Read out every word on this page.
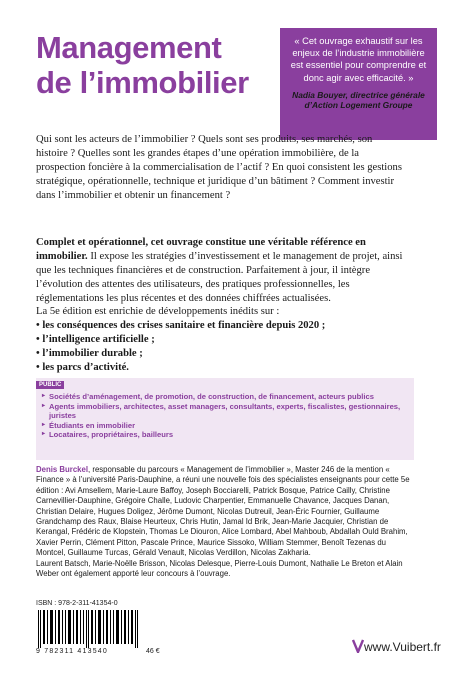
Management
de l’immobilier
« Cet ouvrage exhaustif sur les enjeux de l’industrie immobilière est essentiel pour comprendre et donc agir avec efficacité. »
Nadia Bouyer, directrice générale d’Action Logement Groupe
Qui sont les acteurs de l’immobilier ? Quels sont ses produits, ses marchés, son histoire ? Quelles sont les grandes étapes d’une opération immobilière, de la prospection foncière à la commercialisation de l’actif ? En quoi consistent les gestions stratégique, opérationnelle, technique et juridique d’un bâtiment ? Comment investir dans l’immobilier et obtenir un financement ?
Complet et opérationnel, cet ouvrage constitue une véritable référence en immobilier. Il expose les stratégies d’investissement et le management de projet, ainsi que les techniques financières et de construction. Parfaitement à jour, il intègre l’évolution des attentes des utilisateurs, des pratiques professionnelles, les réglementations les plus récentes et des données chiffrées actualisées.
La 5e édition est enrichie de développements inédits sur :
• les conséquences des crises sanitaire et financière depuis 2020 ;
• l’intelligence artificielle ;
• l’immobilier durable ;
• les parcs d’activité.
PUBLIC
▸ Sociétés d’aménagement, de promotion, de construction, de financement, acteurs publics
▸ Agents immobiliers, architectes, asset managers, consultants, experts, fiscalistes, gestionnaires, juristes
▸ Étudiants en immobilier
▸ Locataires, propriétaires, bailleurs

Denis Burckel, responsable du parcours « Management de l’immobilier », Master 246 de la mention « Finance » à l’université Paris-Dauphine, a réuni une nouvelle fois des spécialistes enseignants pour cette 5e édition : Avi Amsellem, Marie-Laure Baffoy, Joseph Bocciarelli, Patrick Bosque, Patrice Cailly, Christine Carnevillier-Dauphine, Grégoire Challe, Ludovic Charpentier, Emmanuelle Chavance, Jacques Danan, Christian Delaire, Hugues Doligez, Jérôme Dumont, Nicolas Dutreuil, Jean-Éric Fournier, Guillaume Grandchamp des Raux, Blaise Heurteux, Chris Hutin, Jamal Id Brik, Jean-Marie Jacquier, Christian de Kerangal, Frédéric de Klopstein, Thomas Le Diouron, Alice Lombard, Abel Mahboub, Abdallah Ould Brahim, Xavier Perrin, Clément Pitton, Pascale Prince, Maurice Sissoko, William Stemmer, Benoît Tezenas du Montcel, Guillaume Turcas, Gérald Venault, Nicolas Verdillon, Nicolas Zakharia.

Laurent Batsch, Marie-Noëlle Brisson, Nicolas Delesque, Pierre-Louis Dumont, Nathalie Le Breton et Alain Weber ont également apporté leur concours à l’ouvrage.

ISBN : 978-2-311-41354-0
9 782311 413540	46 €	www.Vuibert.fr
